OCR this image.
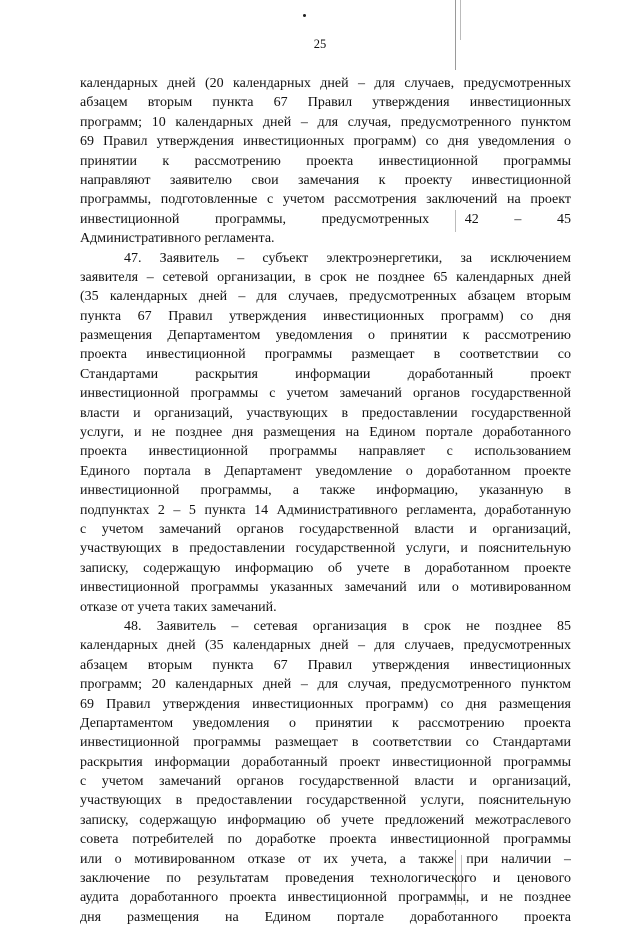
25
календарных дней (20 календарных дней – для случаев, предусмотренных
абзацем вторым пункта 67 Правил утверждения инвестиционных
программ; 10 календарных дней – для случая, предусмотренного пунктом
69 Правил утверждения инвестиционных программ) со дня уведомления о
принятии к рассмотрению проекта инвестиционной программы
направляют заявителю свои замечания к проекту инвестиционной
программы, подготовленные с учетом рассмотрения заключений на проект
инвестиционной программы, предусмотренных 42 – 45
Административного регламента.
47. Заявитель – субъект электроэнергетики, за исключением
заявителя – сетевой организации, в срок не позднее 65 календарных дней
(35 календарных дней – для случаев, предусмотренных абзацем вторым
пункта 67 Правил утверждения инвестиционных программ) со дня
размещения Департаментом уведомления о принятии к рассмотрению
проекта инвестиционной программы размещает в соответствии со
Стандартами раскрытия информации доработанный проект
инвестиционной программы с учетом замечаний органов государственной
власти и организаций, участвующих в предоставлении государственной
услуги, и не позднее дня размещения на Едином портале доработанного
проекта инвестиционной программы направляет с использованием
Единого портала в Департамент уведомление о доработанном проекте
инвестиционной программы, а также информацию, указанную в
подпунктах 2 – 5 пункта 14 Административного регламента, доработанную
с учетом замечаний органов государственной власти и организаций,
участвующих в предоставлении государственной услуги, и пояснительную
записку, содержащую информацию об учете в доработанном проекте
инвестиционной программы указанных замечаний или о мотивированном
отказе от учета таких замечаний.
48. Заявитель – сетевая организация в срок не позднее 85
календарных дней (35 календарных дней – для случаев, предусмотренных
абзацем вторым пункта 67 Правил утверждения инвестиционных
программ; 20 календарных дней – для случая, предусмотренного пунктом
69 Правил утверждения инвестиционных программ) со дня размещения
Департаментом уведомления о принятии к рассмотрению проекта
инвестиционной программы размещает в соответствии со Стандартами
раскрытия информации доработанный проект инвестиционной программы
с учетом замечаний органов государственной власти и организаций,
участвующих в предоставлении государственной услуги, пояснительную
записку, содержащую информацию об учете предложений межотраслевого
совета потребителей по доработке проекта инвестиционной программы
или о мотивированном отказе от их учета, а также при наличии –
заключение по результатам проведения технологического и ценового
аудита доработанного проекта инвестиционной программы, и не позднее
дня размещения на Едином портале доработанного проекта
